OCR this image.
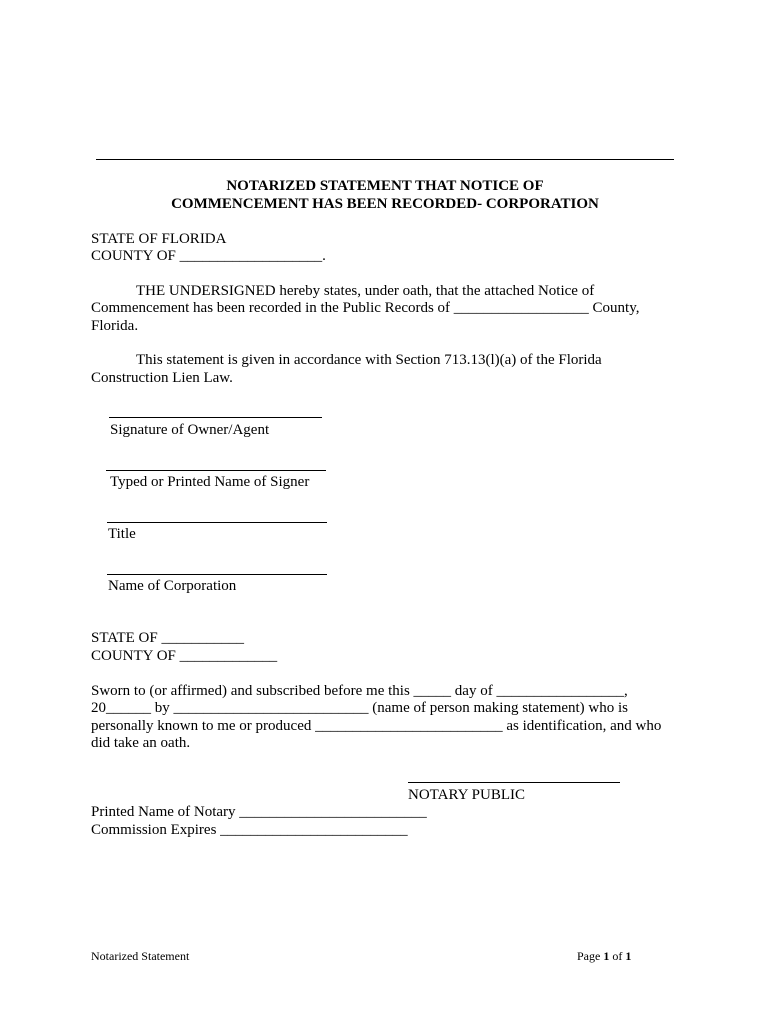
NOTARIZED STATEMENT THAT NOTICE OF
COMMENCEMENT HAS BEEN RECORDED- CORPORATION
STATE OF FLORIDA
COUNTY OF ___________________.
THE UNDERSIGNED hereby states, under oath, that the attached Notice of
Commencement has been recorded in the Public Records of __________________ County,
Florida.
This statement is given in accordance with Section 713.13(l)(a) of the Florida
Construction Lien Law.
Signature of Owner/Agent
Typed or Printed Name of Signer
Title
Name of Corporation
STATE OF ___________
COUNTY OF _____________
Sworn to (or affirmed) and subscribed before me this _____ day of _________________,
20______ by __________________________ (name of person making statement) who is
personally known to me or produced _________________________ as identification, and who
did take an oath.
NOTARY PUBLIC
Printed Name of Notary _________________________
Commission Expires _________________________
Notarized Statement	Page 1 of 1
